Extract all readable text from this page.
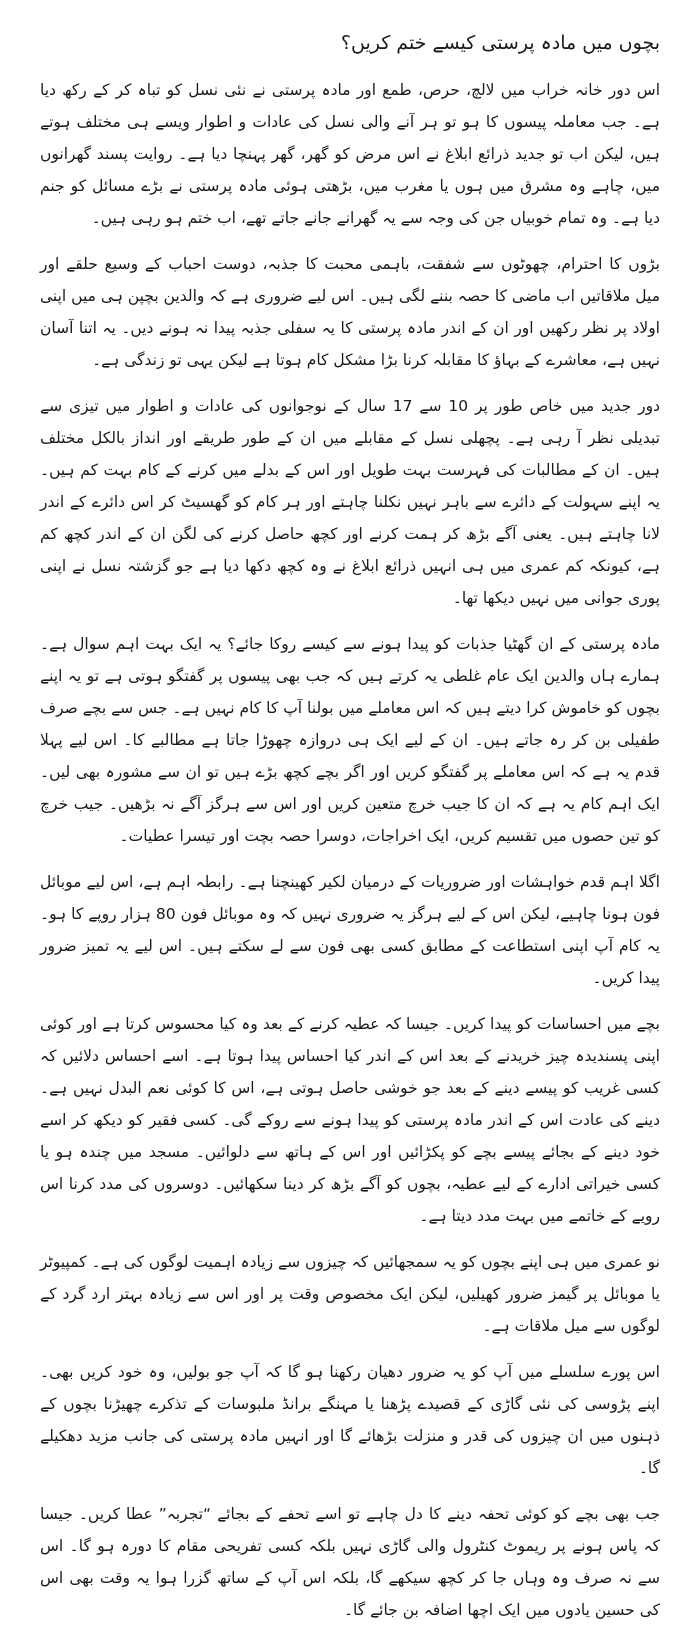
بچوں میں مادہ پرستی کیسے ختم کریں؟

اس دور خانہ خراب میں لالچ، حرص، طمع اور مادہ پرستی نے نئی نسل کو تباہ کر کے رکھ دیا ہے۔ جب معاملہ پیسوں کا ہو تو ہر آنے والی نسل کی عادات و اطوار ویسے ہی مختلف ہوتے ہیں، لیکن اب تو جدید ذرائع ابلاغ نے اس مرض کو گھر، گھر پہنچا دیا ہے۔ روایت پسند گھرانوں میں، چاہے وہ مشرق میں ہوں یا مغرب میں، بڑھتی ہوئی مادہ پرستی نے بڑے مسائل کو جنم دیا ہے۔ وہ تمام خوبیاں جن کی وجہ سے یہ گھرانے جانے جاتے تھے، اب ختم ہو رہی ہیں۔

بڑوں کا احترام، چھوٹوں سے شفقت، باہمی محبت کا جذبہ، دوست احباب کے وسیع حلقے اور میل ملاقاتیں اب ماضی کا حصہ بننے لگی ہیں۔ اس لیے ضروری ہے کہ والدین بچپن ہی میں اپنی اولاد پر نظر رکھیں اور ان کے اندر مادہ پرستی کا یہ سفلی جذبہ پیدا نہ ہونے دیں۔ یہ اتنا آسان نہیں ہے، معاشرے کے بہاؤ کا مقابلہ کرنا بڑا مشکل کام ہوتا ہے لیکن یہی تو زندگی ہے۔

دور جدید میں خاص طور پر 10 سے 17 سال کے نوجوانوں کی عادات و اطوار میں تیزی سے تبدیلی نظر آ رہی ہے۔ پچھلی نسل کے مقابلے میں ان کے طور طریقے اور انداز بالکل مختلف ہیں۔ ان کے مطالبات کی فہرست بہت طویل اور اس کے بدلے میں کرنے کے کام بہت کم ہیں۔ یہ اپنے سہولت کے دائرے سے باہر نہیں نکلنا چاہتے اور ہر کام کو گھسیٹ کر اس دائرے کے اندر لانا چاہتے ہیں۔ یعنی آگے بڑھ کر ہمت کرنے اور کچھ حاصل کرنے کی لگن ان کے اندر کچھ کم ہے، کیونکہ کم عمری میں ہی انہیں ذرائع ابلاغ نے وہ کچھ دکھا دیا ہے جو گزشتہ نسل نے اپنی پوری جوانی میں نہیں دیکھا تھا۔

مادہ پرستی کے ان گھٹیا جذبات کو پیدا ہونے سے کیسے روکا جائے؟ یہ ایک بہت اہم سوال ہے۔ ہمارے ہاں والدین ایک عام غلطی یہ کرتے ہیں کہ جب بھی پیسوں پر گفتگو ہوتی ہے تو یہ اپنے بچوں کو خاموش کرا دیتے ہیں کہ اس معاملے میں بولنا آپ کا کام نہیں ہے۔ جس سے بچے صرف طفیلی بن کر رہ جاتے ہیں۔ ان کے لیے ایک ہی دروازہ چھوڑا جاتا ہے مطالبے کا۔ اس لیے پہلا قدم یہ ہے کہ اس معاملے پر گفتگو کریں اور اگر بچے کچھ بڑے ہیں تو ان سے مشورہ بھی لیں۔ ایک اہم کام یہ ہے کہ ان کا جیب خرچ متعین کریں اور اس سے ہرگز آگے نہ بڑھیں۔ جیب خرچ کو تین حصوں میں تقسیم کریں، ایک اخراجات، دوسرا حصہ بچت اور تیسرا عطیات۔

اگلا اہم قدم خواہشات اور ضروریات کے درمیان لکیر کھینچنا ہے۔ رابطہ اہم ہے، اس لیے موبائل فون ہونا چاہیے، لیکن اس کے لیے ہرگز یہ ضروری نہیں کہ وہ موبائل فون 80 ہزار روپے کا ہو۔ یہ کام آپ اپنی استطاعت کے مطابق کسی بھی فون سے لے سکتے ہیں۔ اس لیے یہ تمیز ضرور پیدا کریں۔

بچے میں احساسات کو پیدا کریں۔ جیسا کہ عطیہ کرنے کے بعد وہ کیا محسوس کرتا ہے اور کوئی اپنی پسندیدہ چیز خریدنے کے بعد اس کے اندر کیا احساس پیدا ہوتا ہے۔ اسے احساس دلائیں کہ کسی غریب کو پیسے دینے کے بعد جو خوشی حاصل ہوتی ہے، اس کا کوئی نعم البدل نہیں ہے۔ دینے کی عادت اس کے اندر مادہ پرستی کو پیدا ہونے سے روکے گی۔ کسی فقیر کو دیکھ کر اسے خود دینے کے بجائے پیسے بچے کو پکڑائیں اور اس کے ہاتھ سے دلوائیں۔ مسجد میں چندہ ہو یا کسی خیراتی ادارے کے لیے عطیہ، بچوں کو آگے بڑھ کر دینا سکھائیں۔ دوسروں کی مدد کرنا اس رویے کے خاتمے میں بہت مدد دیتا ہے۔

نو عمری میں ہی اپنے بچوں کو یہ سمجھائیں کہ چیزوں سے زیادہ اہمیت لوگوں کی ہے۔ کمپیوٹر یا موبائل پر گیمز ضرور کھیلیں، لیکن ایک مخصوص وقت پر اور اس سے زیادہ بہتر ارد گرد کے لوگوں سے میل ملاقات ہے۔

اس پورے سلسلے میں آپ کو یہ ضرور دھیان رکھنا ہو گا کہ آپ جو بولیں، وہ خود کریں بھی۔ اپنے پڑوسی کی نئی گاڑی کے قصیدے پڑھنا یا مہنگے برانڈ ملبوسات کے تذکرے چھیڑنا بچوں کے ذہنوں میں ان چیزوں کی قدر و منزلت بڑھائے گا اور انہیں مادہ پرستی کی جانب مزید دھکیلے گا۔

جب بھی بچے کو کوئی تحفہ دینے کا دل چاہے تو اسے تحفے کے بجائے “تجربہ” عطا کریں۔ جیسا کہ پاس ہونے پر ریموٹ کنٹرول والی گاڑی نہیں بلکہ کسی تفریحی مقام کا دورہ ہو گا۔ اس سے نہ صرف وہ وہاں جا کر کچھ سیکھے گا، بلکہ اس آپ کے ساتھ گزرا ہوا یہ وقت بھی اس کی حسین یادوں میں ایک اچھا اضافہ بن جائے گا۔
